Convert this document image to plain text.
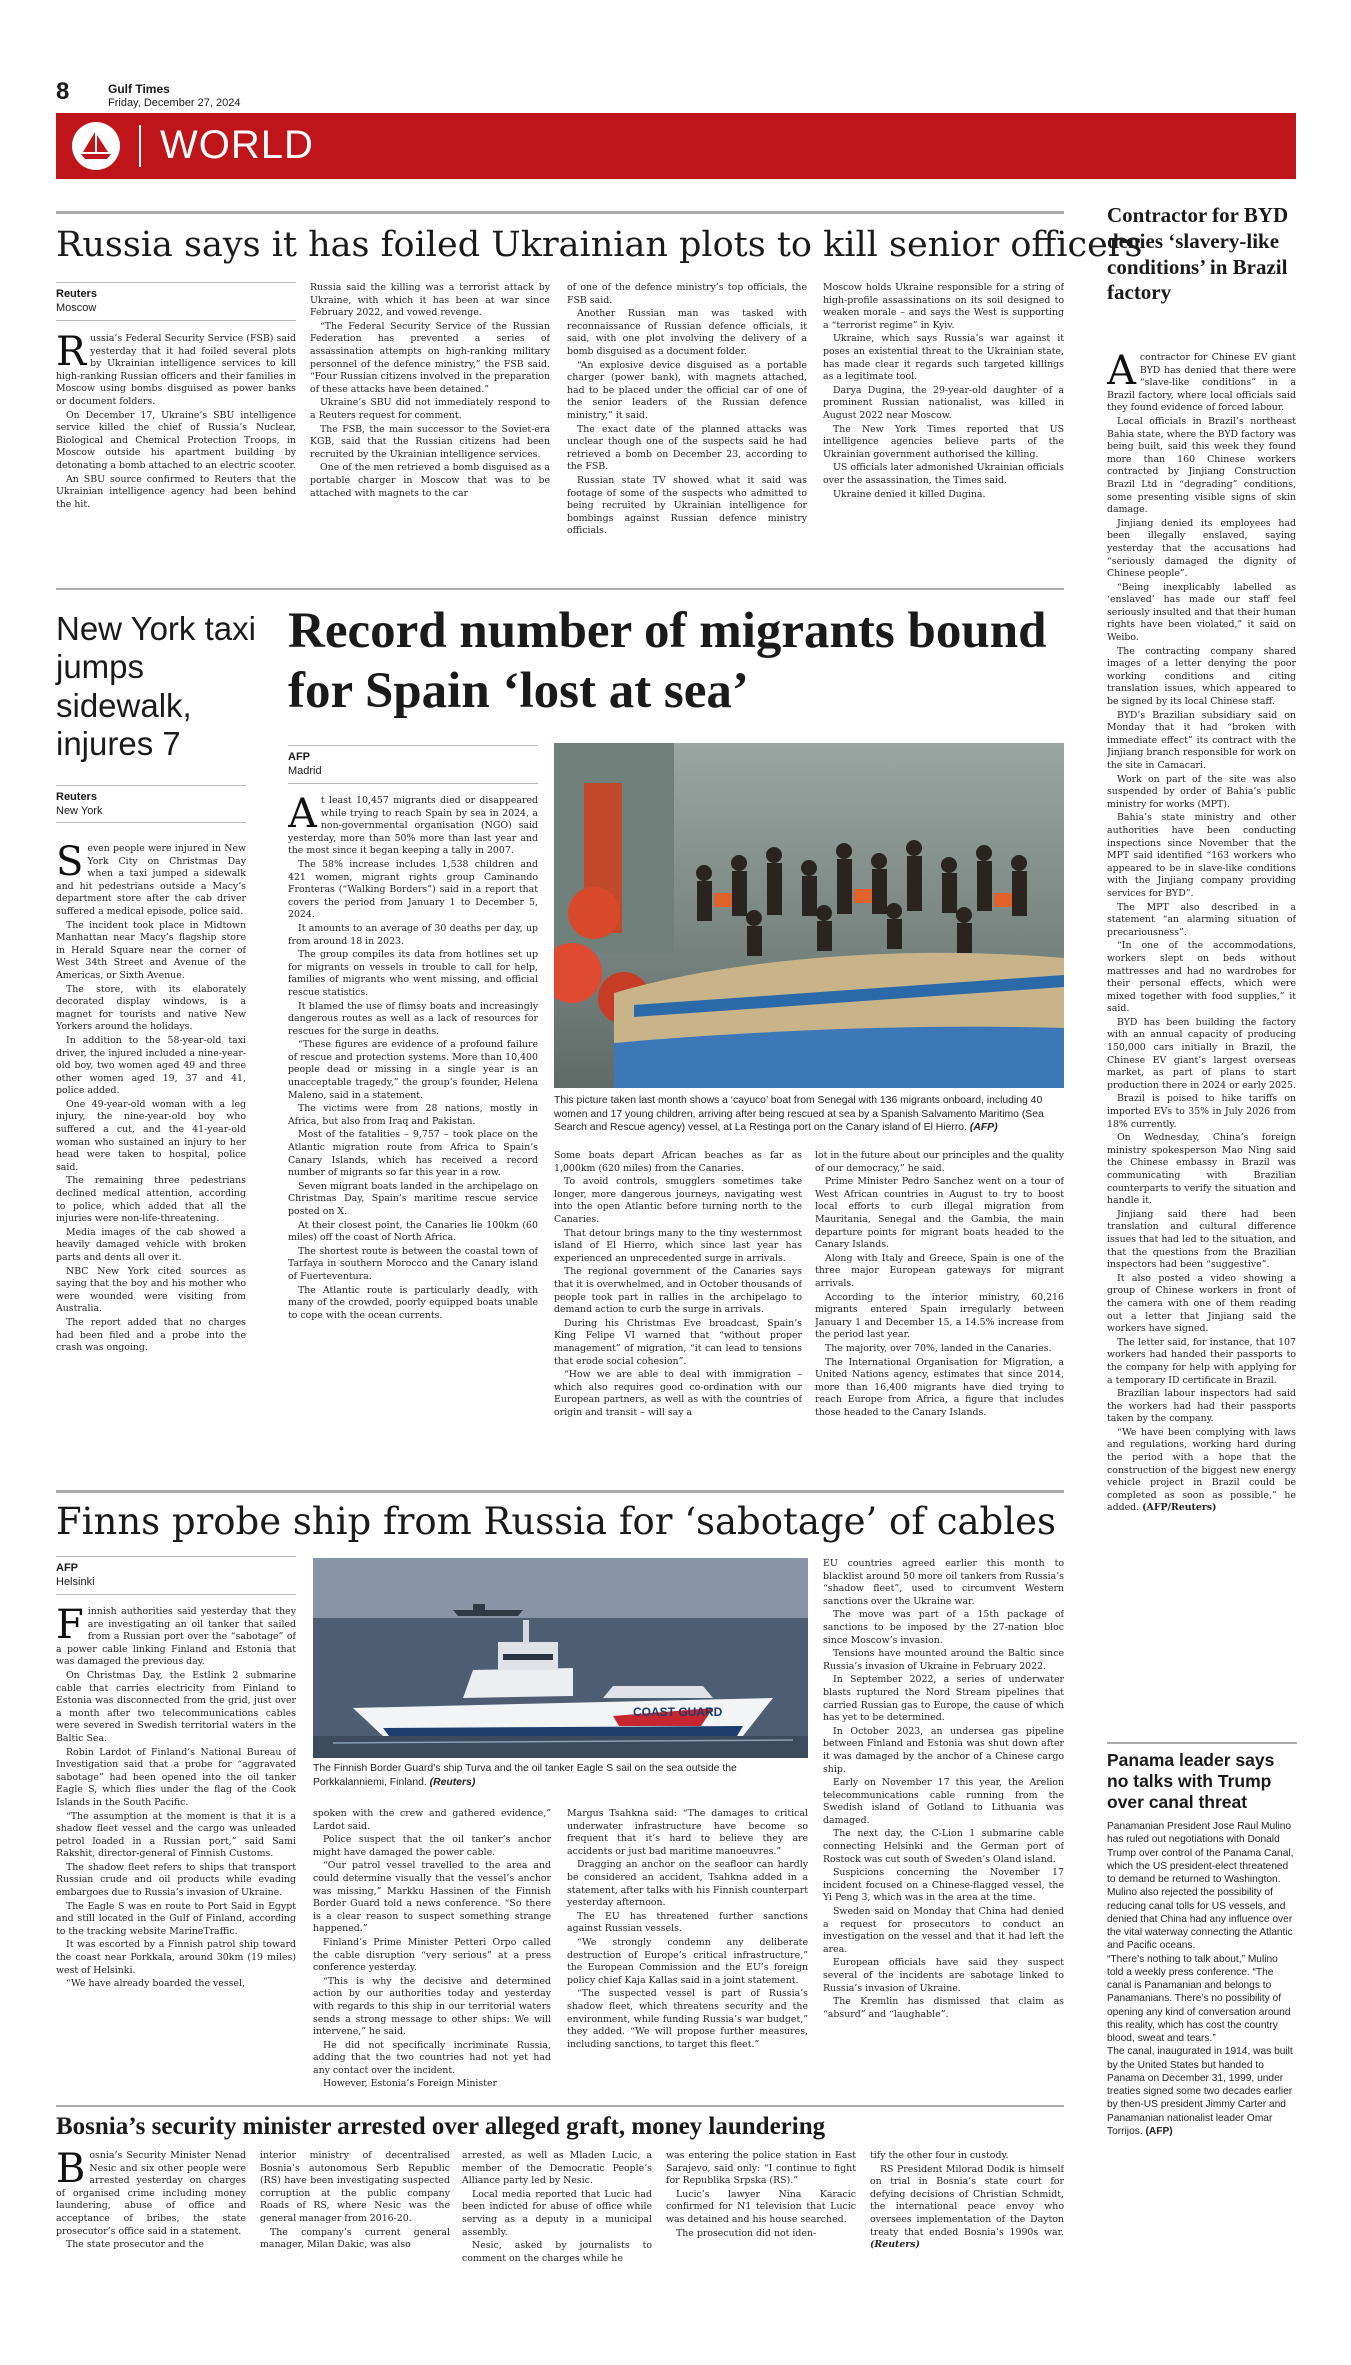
8	Gulf Times
Friday, December 27, 2024
WORLD
Russia says it has foiled Ukrainian plots to kill senior officers
Reuters
Moscow

Russia’s Federal Security Service (FSB) said yesterday that it had foiled several plots by Ukrainian intelligence services to kill high-ranking Russian officers and their families in Moscow using bombs disguised as power banks or document folders.

On December 17, Ukraine’s SBU intelligence service killed the chief of Russia’s Nuclear, Biological and Chemical Protection Troops, in Moscow outside his apartment building by detonating a bomb attached to an electric scooter.

An SBU source confirmed to Reuters that the Ukrainian intelligence agency had been behind the hit.

Russia said the killing was a terrorist attack by Ukraine, with which it has been at war since February 2022, and vowed revenge.

“The Federal Security Service of the Russian Federation has prevented a series of assassination attempts on high-ranking military personnel of the defence ministry,” the FSB said. “Four Russian citizens involved in the preparation of these attacks have been detained.”

Ukraine’s SBU did not immediately respond to a Reuters request for comment.

The FSB, the main successor to the Soviet-era KGB, said that the Russian citizens had been recruited by the Ukrainian intelligence services.

One of the men retrieved a bomb disguised as a portable charger in Moscow that was to be attached with magnets to the car

of one of the defence ministry’s top officials, the FSB said.

Another Russian man was tasked with reconnaissance of Russian defence officials, it said, with one plot involving the delivery of a bomb disguised as a document folder.

“An explosive device disguised as a portable charger (power bank), with magnets attached, had to be placed under the official car of one of the senior leaders of the Russian defence ministry,” it said.

The exact date of the planned attacks was unclear though one of the suspects said he had retrieved a bomb on December 23, according to the FSB.

Russian state TV showed what it said was footage of some of the suspects who admitted to being recruited by Ukrainian intelligence for bombings against Russian defence ministry officials.

Moscow holds Ukraine responsible for a string of high-profile assassinations on its soil designed to weaken morale – and says the West is supporting a “terrorist regime” in Kyiv.

Ukraine, which says Russia’s war against it poses an existential threat to the Ukrainian state, has made clear it regards such targeted killings as a legitimate tool.

Darya Dugina, the 29-year-old daughter of a prominent Russian nationalist, was killed in August 2022 near Moscow.

The New York Times reported that US intelligence agencies believe parts of the Ukrainian government authorised the killing.

US officials later admonished Ukrainian officials over the assassination, the Times said.

Ukraine denied it killed Dugina.

Contractor for BYD denies ‘slavery-like conditions’ in Brazil factory

Acontractor for Chinese EV giant BYD has denied that there were “slave-like conditions” in a Brazil factory, where local officials said they found evidence of forced labour.

Local officials in Brazil’s northeast Bahia state, where the BYD factory was being built, said this week they found more than 160 Chinese workers contracted by Jinjiang Construction Brazil Ltd in “degrading” conditions, some presenting visible signs of skin damage.

Jinjiang denied its employees had been illegally enslaved, saying yesterday that the accusations had “seriously damaged the dignity of Chinese people”.

“Being inexplicably labelled as ‘enslaved’ has made our staff feel seriously insulted and that their human rights have been violated,” it said on Weibo.

The contracting company shared images of a letter denying the poor working conditions and citing translation issues, which appeared to be signed by its local Chinese staff.

BYD’s Brazilian subsidiary said on Monday that it had “broken with immediate effect” its contract with the Jinjiang branch responsible for work on the site in Camacari.

Work on part of the site was also suspended by order of Bahia’s public ministry for works (MPT).

Bahia’s state ministry and other authorities have been conducting inspections since November that the MPT said identified “163 workers who appeared to be in slave-like conditions with the Jinjiang company providing services for BYD”.

The MPT also described in a statement “an alarming situation of precariousness”.

“In one of the accommodations, workers slept on beds without mattresses and had no wardrobes for their personal effects, which were mixed together with food supplies,” it said.

BYD has been building the factory with an annual capacity of producing 150,000 cars initially in Brazil, the Chinese EV giant’s largest overseas market, as part of plans to start production there in 2024 or early 2025.

Brazil is poised to hike tariffs on imported EVs to 35% in July 2026 from 18% currently.

On Wednesday, China’s foreign ministry spokesperson Mao Ning said the Chinese embassy in Brazil was communicating with Brazilian counterparts to verify the situation and handle it.

Jinjiang said there had been translation and cultural difference issues that had led to the situation, and that the questions from the Brazilian inspectors had been “suggestive”.

It also posted a video showing a group of Chinese workers in front of the camera with one of them reading out a letter that Jinjiang said the workers have signed.

The letter said, for instance, that 107 workers had handed their passports to the company for help with applying for a temporary ID certificate in Brazil.

Brazilian labour inspectors had said the workers had had their passports taken by the company.

“We have been complying with laws and regulations, working hard during the period with a hope that the construction of the biggest new energy vehicle project in Brazil could be completed as soon as possible,” he added. (AFP/Reuters)

New York taxi jumps sidewalk, injures 7
Reuters
New York

Seven people were injured in New York City on Christmas Day when a taxi jumped a sidewalk and hit pedestrians outside a Macy’s department store after the cab driver suffered a medical episode, police said.

The incident took place in Midtown Manhattan near Macy’s flagship store in Herald Square near the corner of West 34th Street and Avenue of the Americas, or Sixth Avenue.

The store, with its elaborately decorated display windows, is a magnet for tourists and native New Yorkers around the holidays.

In addition to the 58-year-old taxi driver, the injured included a nine-year-old boy, two women aged 49 and three other women aged 19, 37 and 41, police added.

One 49-year-old woman with a leg injury, the nine-year-old boy who suffered a cut, and the 41-year-old woman who sustained an injury to her head were taken to hospital, police said.

The remaining three pedestrians declined medical attention, according to police, which added that all the injuries were non-life-threatening.

Media images of the cab showed a heavily damaged vehicle with broken parts and dents all over it.

NBC New York cited sources as saying that the boy and his mother who were wounded were visiting from Australia.

The report added that no charges had been filed and a probe into the crash was ongoing.

Record number of migrants bound for Spain ‘lost at sea’
AFP
Madrid

At least 10,457 migrants died or disappeared while trying to reach Spain by sea in 2024, a non-governmental organisation (NGO) said yesterday, more than 50% more than last year and the most since it began keeping a tally in 2007.

The 58% increase includes 1,538 children and 421 women, migrant rights group Caminando Fronteras (“Walking Borders”) said in a report that covers the period from January 1 to December 5, 2024.

It amounts to an average of 30 deaths per day, up from around 18 in 2023.

The group compiles its data from hotlines set up for migrants on vessels in trouble to call for help, families of migrants who went missing, and official rescue statistics.

It blamed the use of flimsy boats and increasingly dangerous routes as well as a lack of resources for rescues for the surge in deaths.

“These figures are evidence of a profound failure of rescue and protection systems. More than 10,400 people dead or missing in a single year is an unacceptable tragedy,” the group’s founder, Helena Maleno, said in a statement.

The victims were from 28 nations, mostly in Africa, but also from Iraq and Pakistan.

Most of the fatalities – 9,757 – took place on the Atlantic migration route from Africa to Spain’s Canary Islands, which has received a record number of migrants so far this year in a row.

Seven migrant boats landed in the archipelago on Christmas Day, Spain’s maritime rescue service posted on X.

At their closest point, the Canaries lie 100km (60 miles) off the coast of North Africa.

The shortest route is between the coastal town of Tarfaya in southern Morocco and the Canary island of Fuerteventura.

The Atlantic route is particularly deadly, with many of the crowded, poorly equipped boats unable to cope with the ocean currents.

This picture taken last month shows a ‘cayuco’ boat from Senegal with 136 migrants onboard, including 40 women and 17 young children, arriving after being rescued at sea by a Spanish Salvamento Maritimo (Sea Search and Rescue agency) vessel, at La Restinga port on the Canary island of El Hierro. (AFP)

Some boats depart African beaches as far as 1,000km (620 miles) from the Canaries.

To avoid controls, smugglers sometimes take longer, more dangerous journeys, navigating west into the open Atlantic before turning north to the Canaries.

That detour brings many to the tiny westernmost island of El Hierro, which since last year has experienced an unprecedented surge in arrivals.

The regional government of the Canaries says that it is overwhelmed, and in October thousands of people took part in rallies in the archipelago to demand action to curb the surge in arrivals.

During his Christmas Eve broadcast, Spain’s King Felipe VI warned that “without proper management” of migration, “it can lead to tensions that erode social cohesion”.

“How we are able to deal with immigration – which also requires good co-ordination with our European partners, as well as with the countries of origin and transit – will say a

lot in the future about our principles and the quality of our democracy,” he said.

Prime Minister Pedro Sanchez went on a tour of West African countries in August to try to boost local efforts to curb illegal migration from Mauritania, Senegal and the Gambia, the main departure points for migrant boats headed to the Canary Islands.

Along with Italy and Greece, Spain is one of the three major European gateways for migrant arrivals.

According to the interior ministry, 60,216 migrants entered Spain irregularly between January 1 and December 15, a 14.5% increase from the period last year.

The majority, over 70%, landed in the Canaries.

The International Organisation for Migration, a United Nations agency, estimates that since 2014, more than 16,400 migrants have died trying to reach Europe from Africa, a figure that includes those headed to the Canary Islands.

Finns probe ship from Russia for ‘sabotage’ of cables
AFP
Helsinki

Finnish authorities said yesterday that they are investigating an oil tanker that sailed from a Russian port over the “sabotage” of a power cable linking Finland and Estonia that was damaged the previous day.

On Christmas Day, the Estlink 2 submarine cable that carries electricity from Finland to Estonia was disconnected from the grid, just over a month after two telecommunications cables were severed in Swedish territorial waters in the Baltic Sea.

Robin Lardot of Finland’s National Bureau of Investigation said that a probe for “aggravated sabotage” had been opened into the oil tanker Eagle S, which flies under the flag of the Cook Islands in the South Pacific.

“The assumption at the moment is that it is a shadow fleet vessel and the cargo was unleaded petrol loaded in a Russian port,” said Sami Rakshit, director-general of Finnish Customs.

The shadow fleet refers to ships that transport Russian crude and oil products while evading embargoes due to Russia’s invasion of Ukraine.

The Eagle S was en route to Port Said in Egypt and still located in the Gulf of Finland, according to the tracking website MarineTraffic.

It was escorted by a Finnish patrol ship toward the coast near Porkkala, around 30km (19 miles) west of Helsinki.

“We have already boarded the vessel,

COAST GUARD
The Finnish Border Guard’s ship Turva and the oil tanker Eagle S sail on the sea outside the Porkkalanniemi, Finland. (Reuters)

spoken with the crew and gathered evidence,” Lardot said.

Police suspect that the oil tanker’s anchor might have damaged the power cable.

“Our patrol vessel travelled to the area and could determine visually that the vessel’s anchor was missing,” Markku Hassinen of the Finnish Border Guard told a news conference. “So there is a clear reason to suspect something strange happened.”

Finland’s Prime Minister Petteri Orpo called the cable disruption “very serious” at a press conference yesterday.

“This is why the decisive and determined action by our authorities today and yesterday with regards to this ship in our territorial waters sends a strong message to other ships: We will intervene,” he said.

He did not specifically incriminate Russia, adding that the two countries had not yet had any contact over the incident.

However, Estonia’s Foreign Minister

Margus Tsahkna said: “The damages to critical underwater infrastructure have become so frequent that it’s hard to believe they are accidents or just bad maritime manoeuvres.”

Dragging an anchor on the seafloor can hardly be considered an accident, Tsahkna added in a statement, after talks with his Finnish counterpart yesterday afternoon.

The EU has threatened further sanctions against Russian vessels.

“We strongly condemn any deliberate destruction of Europe’s critical infrastructure,” the European Commission and the EU’s foreign policy chief Kaja Kallas said in a joint statement.

“The suspected vessel is part of Russia’s shadow fleet, which threatens security and the environment, while funding Russia’s war budget,” they added. “We will propose further measures, including sanctions, to target this fleet.”

EU countries agreed earlier this month to blacklist around 50 more oil tankers from Russia’s “shadow fleet”, used to circumvent Western sanctions over the Ukraine war.

The move was part of a 15th package of sanctions to be imposed by the 27-nation bloc since Moscow’s invasion.

Tensions have mounted around the Baltic since Russia’s invasion of Ukraine in February 2022.

In September 2022, a series of underwater blasts ruptured the Nord Stream pipelines that carried Russian gas to Europe, the cause of which has yet to be determined.

In October 2023, an undersea gas pipeline between Finland and Estonia was shut down after it was damaged by the anchor of a Chinese cargo ship.

Early on November 17 this year, the Arelion telecommunications cable running from the Swedish island of Gotland to Lithuania was damaged.

The next day, the C-Lion 1 submarine cable connecting Helsinki and the German port of Rostock was cut south of Sweden’s Oland island.

Suspicions concerning the November 17 incident focused on a Chinese-flagged vessel, the Yi Peng 3, which was in the area at the time.

Sweden said on Monday that China had denied a request for prosecutors to conduct an investigation on the vessel and that it had left the area.

European officials have said they suspect several of the incidents are sabotage linked to Russia’s invasion of Ukraine.

The Kremlin has dismissed that claim as “absurd” and “laughable”.

Panama leader says no talks with Trump over canal threat

Panamanian President Jose Raul Mulino has ruled out negotiations with Donald Trump over control of the Panama Canal, which the US president-elect threatened to demand be returned to Washington.

Mulino also rejected the possibility of reducing canal tolls for US vessels, and denied that China had any influence over the vital waterway connecting the Atlantic and Pacific oceans.

“There’s nothing to talk about,” Mulino told a weekly press conference. “The canal is Panamanian and belongs to Panamanians. There’s no possibility of opening any kind of conversation around this reality, which has cost the country blood, sweat and tears.”

The canal, inaugurated in 1914, was built by the United States but handed to Panama on December 31, 1999, under treaties signed some two decades earlier by then-US president Jimmy Carter and Panamanian nationalist leader Omar Torrijos. (AFP)

Bosnia’s security minister arrested over alleged graft, money laundering

Bosnia’s Security Minister Nenad Nesic and six other people were arrested yesterday on charges of organised crime including money laundering, abuse of office and acceptance of bribes, the state prosecutor’s office said in a statement.

The state prosecutor and the

interior ministry of decentralised Bosnia’s autonomous Serb Republic (RS) have been investigating suspected corruption at the public company Roads of RS, where Nesic was the general manager from 2016-20.

The company’s current general manager, Milan Dakic, was also

arrested, as well as Mladen Lucic, a member of the Democratic People’s Alliance party led by Nesic.

Local media reported that Lucic had been indicted for abuse of office while serving as a deputy in a municipal assembly.

Nesic, asked by journalists to comment on the charges while he

was entering the police station in East Sarajevo, said only: “I continue to fight for Republika Srpska (RS).”

Lucic’s lawyer Nina Karacic confirmed for N1 television that Lucic was detained and his house searched.

The prosecution did not iden-

tify the other four in custody.

RS President Milorad Dodik is himself on trial in Bosnia’s state court for defying decisions of Christian Schmidt, the international peace envoy who oversees implementation of the Dayton treaty that ended Bosnia’s 1990s war. (Reuters)
